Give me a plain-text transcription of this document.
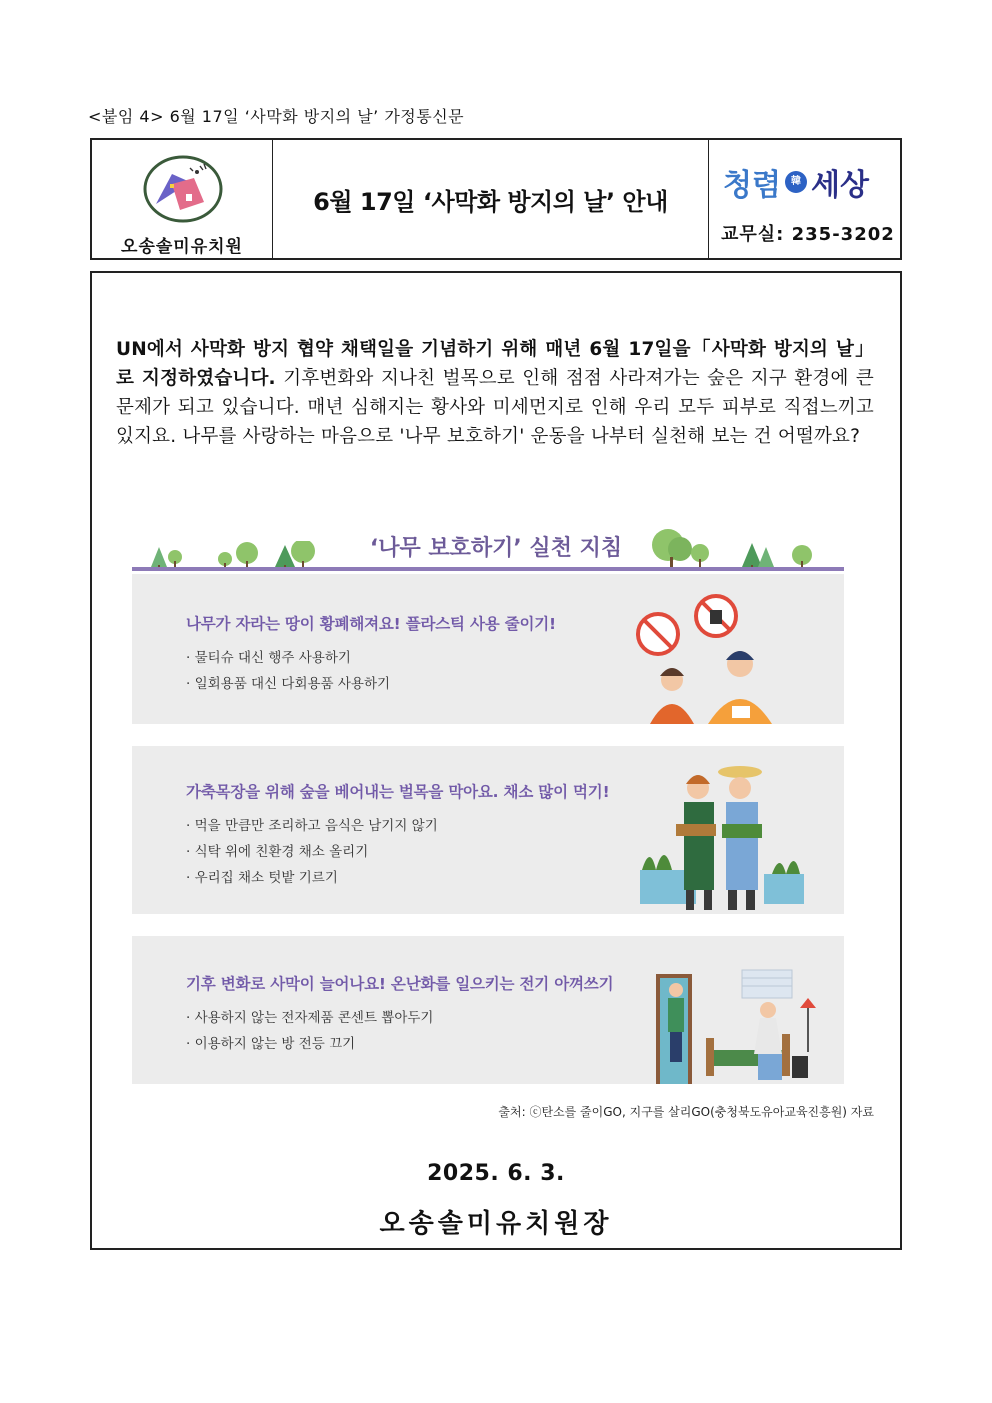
<붙임 4> 6월 17일 ‘사막화 방지의 날’ 가정통신문
오송솔미유치원
6월 17일 ‘사막화 방지의 날’ 안내 청렴	韓 세상
교무실: 235-3202
UN에서 사막화 방지 협약 채택일을 기념하기 위해 매년 6월 17일을「사막화 방지의 날」로 지정하였습니다. 기후변화와 지나친 벌목으로 인해 점점 사라져가는 숲은 지구 환경에 큰 문제가 되고 있습니다. 매년 심해지는 황사와 미세먼지로 인해 우리 모두 피부로 직접느끼고 있지요. 나무를 사랑하는 마음으로 '나무 보호하기' 운동을 나부터 실천해 보는 건 어떨까요?
‘나무 보호하기’ 실천 지침
나무가 자라는 땅이 황폐해져요! 플라스틱 사용 줄이기!
· 물티슈 대신 행주 사용하기
· 일회용품 대신 다회용품 사용하기
가축목장을 위해 숲을 베어내는 벌목을 막아요. 채소 많이 먹기!
· 먹을 만큼만 조리하고 음식은 남기지 않기
· 식탁 위에 친환경 채소 올리기
· 우리집 채소 텃밭 기르기
기후 변화로 사막이 늘어나요! 온난화를 일으키는 전기 아껴쓰기
· 사용하지 않는 전자제품 콘센트 뽑아두기
· 이용하지 않는 방 전등 끄기
출처: ⓒ탄소를 줄이GO, 지구를 살리GO(충청북도유아교육진흥원) 자료
2025. 6. 3.
오송솔미유치원장
